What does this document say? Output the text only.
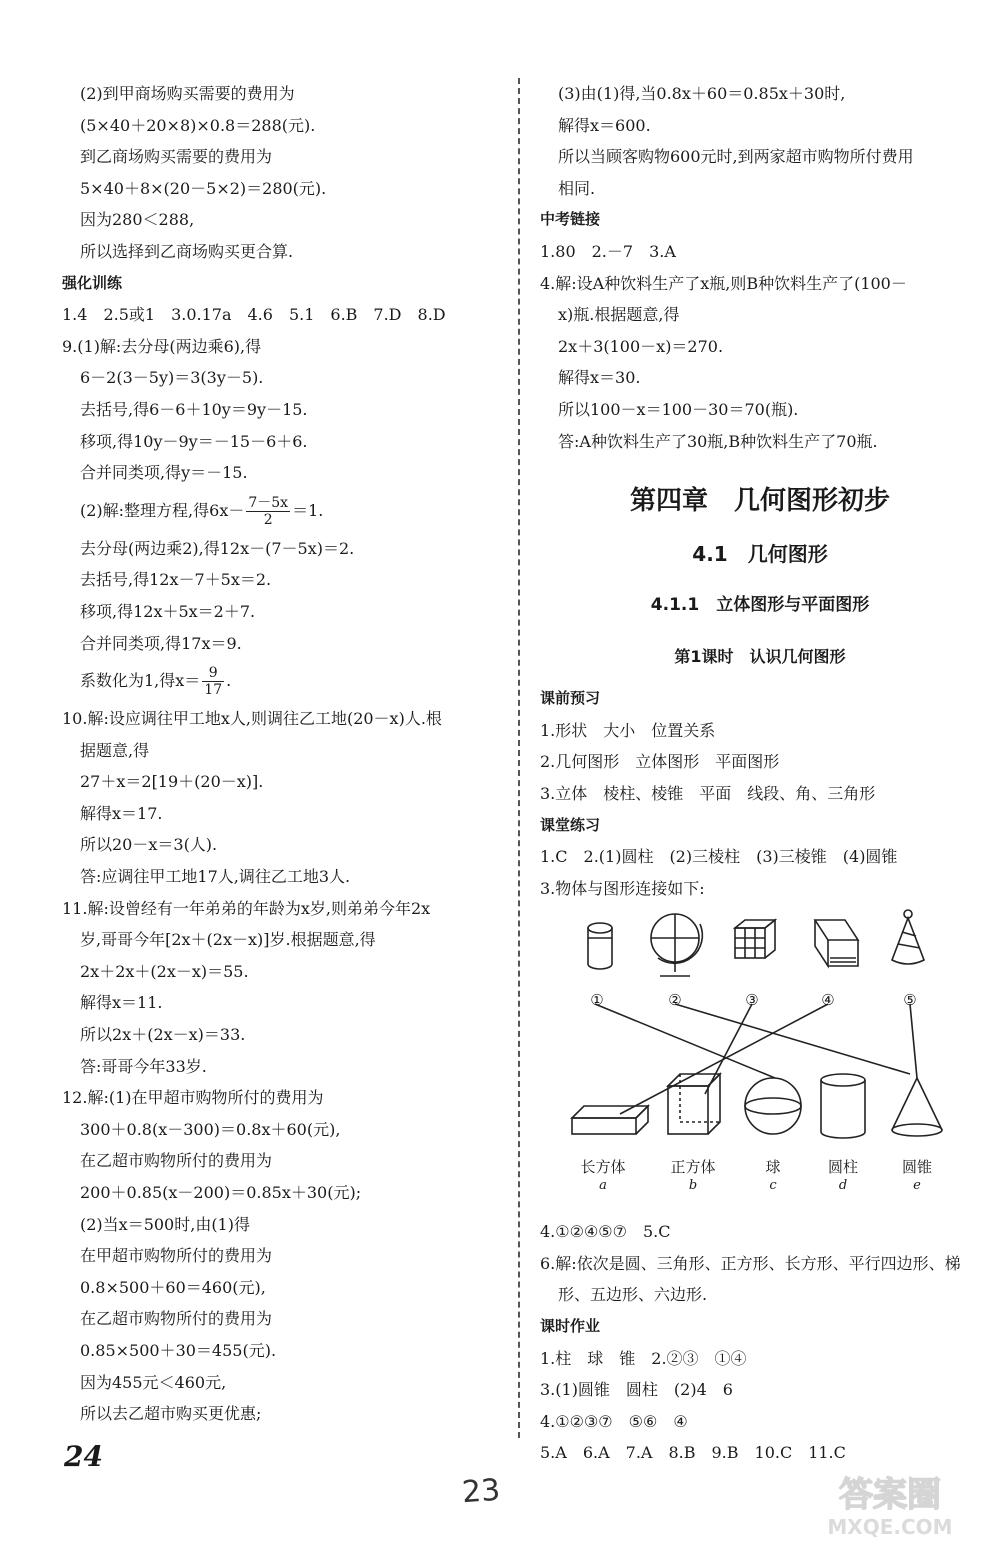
(2)到甲商场购买需要的费用为
(5×40＋20×8)×0.8＝288(元).
到乙商场购买需要的费用为
5×40＋8×(20－5×2)＝280(元).
因为280＜288,
所以选择到乙商场购买更合算.
强化训练
1.4　2.5或1　3.0.17a　4.6　5.1　6.B　7.D　8.D
9.(1)解:去分母(两边乘6),得
6－2(3－5y)＝3(3y－5).
去括号,得6－6＋10y＝9y－15.
移项,得10y－9y＝－15－6＋6.
合并同类项,得y＝－15.
(2)解:整理方程,得$6x- \frac{7-5x}{2} =1$.
去分母(两边乘2),得12x－(7－5x)＝2.
去括号,得12x－7＋5x＝2.
移项,得12x＋5x＝2＋7.
合并同类项,得17x＝9.
系数化为1,得$x= \frac{9}{17}$ .
10.解:设应调往甲工地x人,则调往乙工地(20－x)人.根
据题意,得
27＋x＝2[19＋(20－x)].
解得x＝17.
所以20－x＝3(人).
答:应调往甲工地17人,调往乙工地3人.
11.解:设曾经有一年弟弟的年龄为x岁,则弟弟今年2x
岁,哥哥今年[2x＋(2x－x)]岁.根据题意,得
2x＋2x＋(2x－x)＝55.
解得x＝11.
所以2x＋(2x－x)＝33.
答:哥哥今年33岁.
12.解:(1)在甲超市购物所付的费用为
300＋0.8(x－300)＝0.8x＋60(元),
在乙超市购物所付的费用为
200＋0.85(x－200)＝0.85x＋30(元);
(2)当x＝500时,由(1)得
在甲超市购物所付的费用为
0.8×500＋60＝460(元),
在乙超市购物所付的费用为
0.85×500＋30＝455(元).
因为455元＜460元,
所以去乙超市购买更优惠;
(3)由(1)得,当0.8x＋60＝0.85x＋30时,
解得x＝600.
所以当顾客购物600元时,到两家超市购物所付费用
相同.
中考链接
1.80　2.－7　3.A
4.解:设A种饮料生产了x瓶,则B种饮料生产了(100－
x)瓶.根据题意,得
2x＋3(100－x)＝270.
解得x＝30.
所以100－x＝100－30＝70(瓶).
答:A种饮料生产了30瓶,B种饮料生产了70瓶.
第四章　几何图形初步
4.1　几何图形
4.1.1　立体图形与平面图形
第1课时　认识几何图形
课前预习
1.形状　大小　位置关系
2.几何图形　立体图形　平面图形
3.立体　棱柱、棱锥　平面　线段、角、三角形
课堂练习
1.C　2.(1)圆柱　(2)三棱柱　(3)三棱锥　(4)圆锥
3.物体与图形连接如下:
①	②	③	④	⑤
长方体	正方体	球	圆柱	圆锥
a	b	c	d	e
4.①②④⑤⑦　5.C
6.解:依次是圆、三角形、正方形、长方形、平行四边形、梯
形、五边形、六边形.
课时作业
1.柱　球　锥　2.②③　①④
3.(1)圆锥　圆柱　(2)4　6
4.①②③⑦　⑤⑥　④
5.A　6.A　7.A　8.B　9.B　10.C　11.C
24
23	答案圈
MXQE.COM
